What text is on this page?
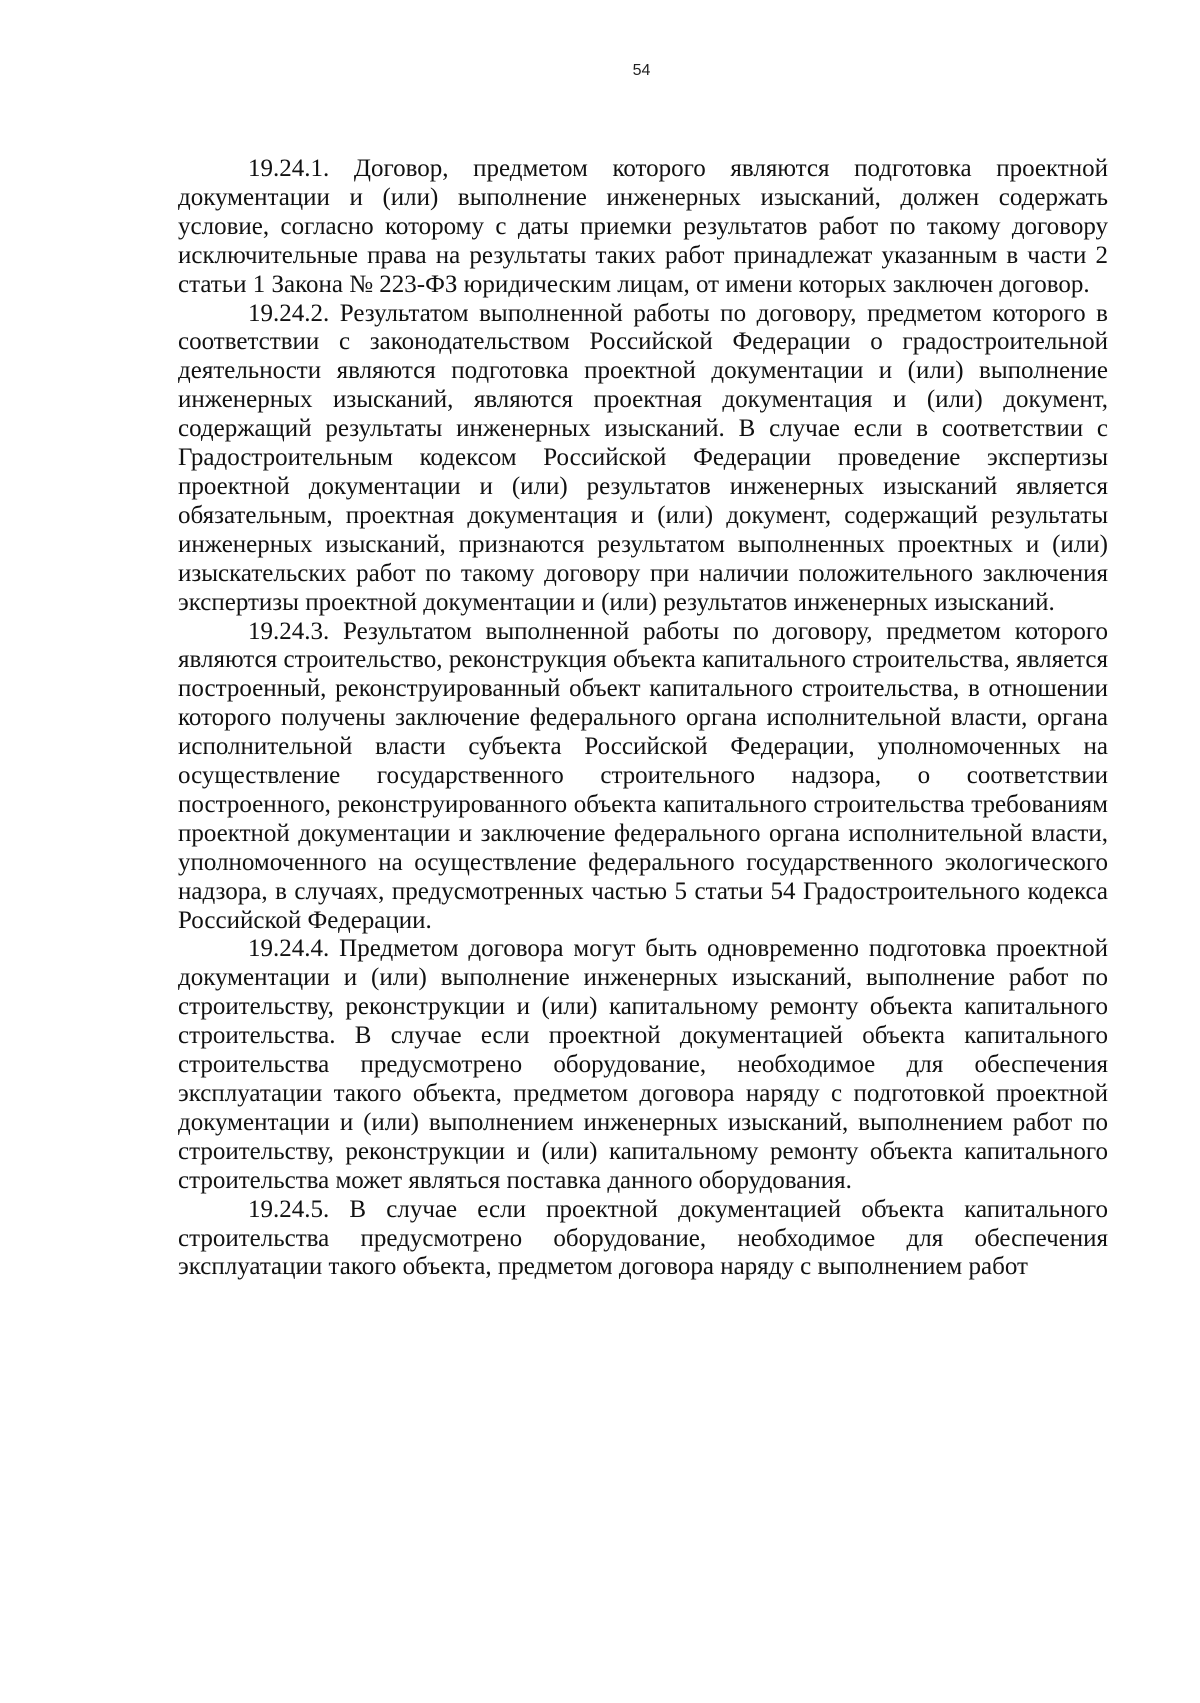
54

19.24.1. Договор, предметом которого являются подготовка проектной документации и (или) выполнение инженерных изысканий, должен содержать условие, согласно которому с даты приемки результатов работ по такому договору исключительные права на результаты таких работ принадлежат указанным в части 2 статьи 1 Закона № 223-ФЗ юридическим лицам, от имени которых заключен договор.

19.24.2. Результатом выполненной работы по договору, предметом которого в соответствии с законодательством Российской Федерации о градостроительной деятельности являются подготовка проектной документации и (или) выполнение инженерных изысканий, являются проектная документация и (или) документ, содержащий результаты инженерных изысканий. В случае если в соответствии с Градостроительным кодексом Российской Федерации проведение экспертизы проектной документации и (или) результатов инженерных изысканий является обязательным, проектная документация и (или) документ, содержащий результаты инженерных изысканий, признаются результатом выполненных проектных и (или) изыскательских работ по такому договору при наличии положительного заключения экспертизы проектной документации и (или) результатов инженерных изысканий.

19.24.3. Результатом выполненной работы по договору, предметом которого являются строительство, реконструкция объекта капитального строительства, является построенный, реконструированный объект капитального строительства, в отношении которого получены заключение федерального органа исполнительной власти, органа исполнительной власти субъекта Российской Федерации, уполномоченных на осуществление государственного строительного надзора, о соответствии построенного, реконструированного объекта капитального строительства требованиям проектной документации и заключение федерального органа исполнительной власти, уполномоченного на осуществление федерального государственного экологического надзора, в случаях, предусмотренных частью 5 статьи 54 Градостроительного кодекса Российской Федерации.

19.24.4. Предметом договора могут быть одновременно подготовка проектной документации и (или) выполнение инженерных изысканий, выполнение работ по строительству, реконструкции и (или) капитальному ремонту объекта капитального строительства. В случае если проектной документацией объекта капитального строительства предусмотрено оборудование, необходимое для обеспечения эксплуатации такого объекта, предметом договора наряду с подготовкой проектной документации и (или) выполнением инженерных изысканий, выполнением работ по строительству, реконструкции и (или) капитальному ремонту объекта капитального строительства может являться поставка данного оборудования.

19.24.5. В случае если проектной документацией объекта капитального строительства предусмотрено оборудование, необходимое для обеспечения эксплуатации такого объекта, предметом договора наряду с выполнением работ
